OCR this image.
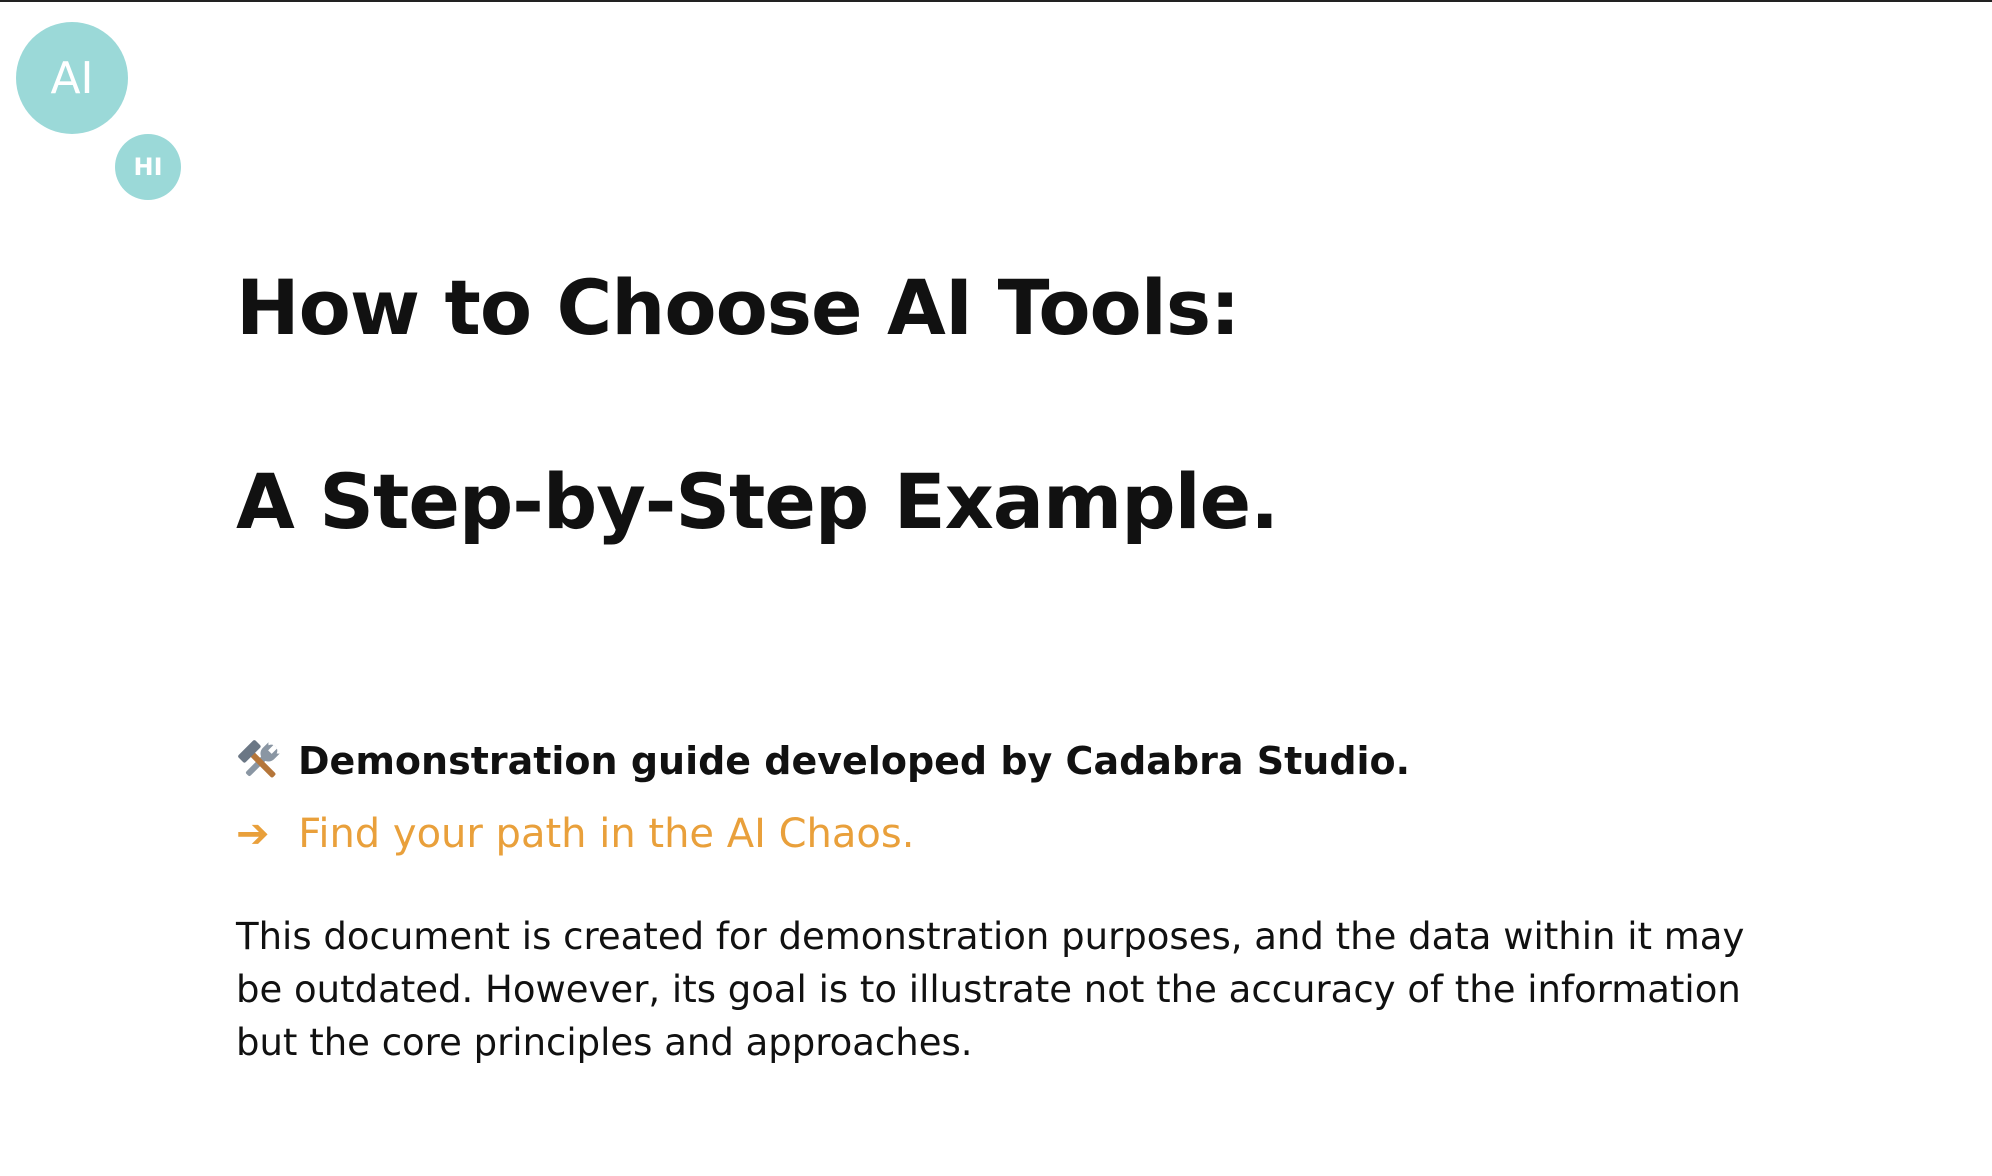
AI
HI
How to Choose AI Tools:
A Step-by-Step Example.
Demonstration guide developed by Cadabra Studio.
➔ Find your path in the AI Chaos.

This document is created for demonstration purposes, and the data within it may be outdated. However, its goal is to illustrate not the accuracy of the information but the core principles and approaches.
